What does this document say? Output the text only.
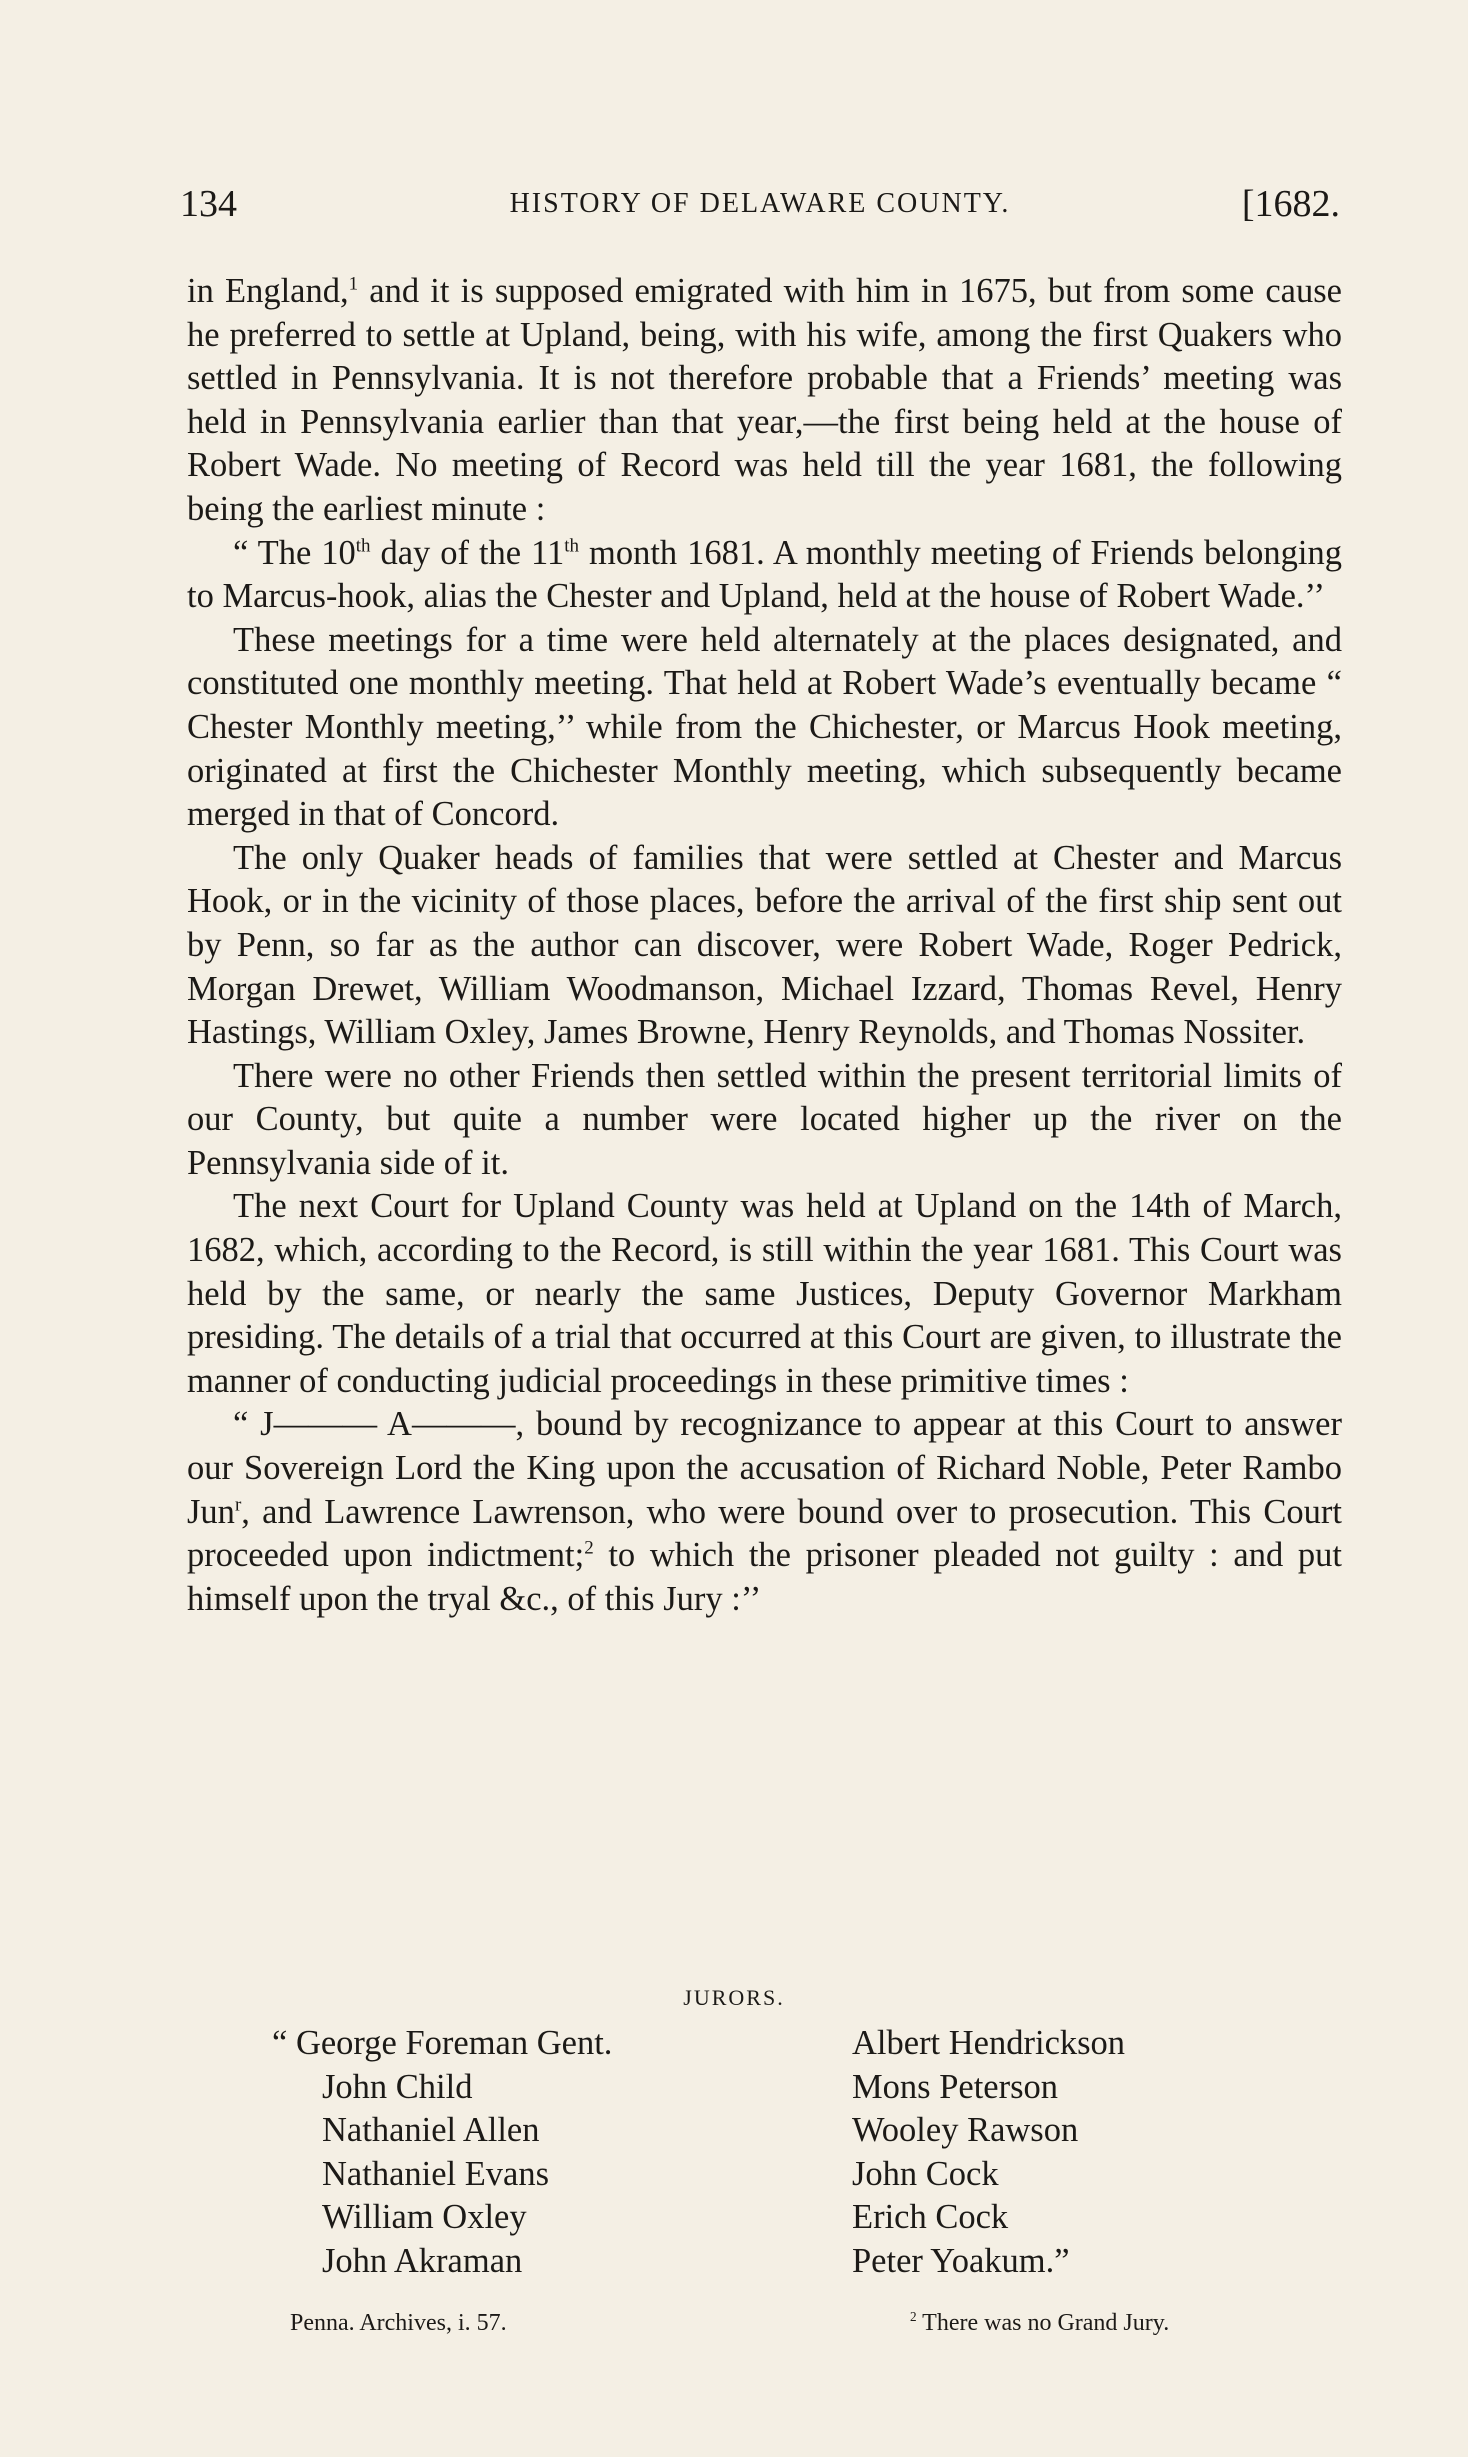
134	HISTORY OF DELAWARE COUNTY.	[1682.

in England,$^1$ and it is supposed emigrated with him in 1675, but from some cause he preferred to settle at Upland, being, with his wife, among the first Quakers who settled in Pennsylvania. It is not therefore probable that a Friends’ meeting was held in Pennsylvania earlier than that year,—the first being held at the house of Robert Wade. No meeting of Record was held till the year 1681, the following being the earliest minute :

“ The 10th day of the 11th month 1681. A monthly meeting of Friends belonging to Marcus-hook, alias the Chester and Upland, held at the house of Robert Wade.’’

These meetings for a time were held alternately at the places designated, and constituted one monthly meeting. That held at Robert Wade’s eventually became “ Chester Monthly meeting,’’ while from the Chichester, or Marcus Hook meeting, originated at first the Chichester Monthly meeting, which subsequently became merged in that of Concord.

The only Quaker heads of families that were settled at Chester and Marcus Hook, or in the vicinity of those places, before the arrival of the first ship sent out by Penn, so far as the author can discover, were Robert Wade, Roger Pedrick, Morgan Drewet, William Woodmanson, Michael Izzard, Thomas Revel, Henry Hastings, William Oxley, James Browne, Henry Reynolds, and Thomas Nossiter.

There were no other Friends then settled within the present territorial limits of our County, but quite a number were located higher up the river on the Pennsylvania side of it.

The next Court for Upland County was held at Upland on the 14th of March, 1682, which, according to the Record, is still within the year 1681. This Court was held by the same, or nearly the same Justices, Deputy Governor Markham presiding. The details of a trial that occurred at this Court are given, to illustrate the manner of conducting judicial proceedings in these primitive times :

“ J——— A———, bound by recognizance to appear at this Court to answer our Sovereign Lord the King upon the accusation of Richard Noble, Peter Rambo Jun$^r$, and Lawrence Lawrenson, who were bound over to prosecution. This Court proceeded upon indictment;$^2$ to which the prisoner pleaded not guilty : and put himself upon the tryal &c., of this Jury :’’

JURORS.
“ George Foreman Gent.
John Child
Nathaniel Allen
Nathaniel Evans
William Oxley
John Akraman
Albert Hendrickson
Mons Peterson
Wooley Rawson
John Cock
Erich Cock
Peter Yoakum.”
Penna. Archives, i. 57.	$^2$ There was no Grand Jury.
